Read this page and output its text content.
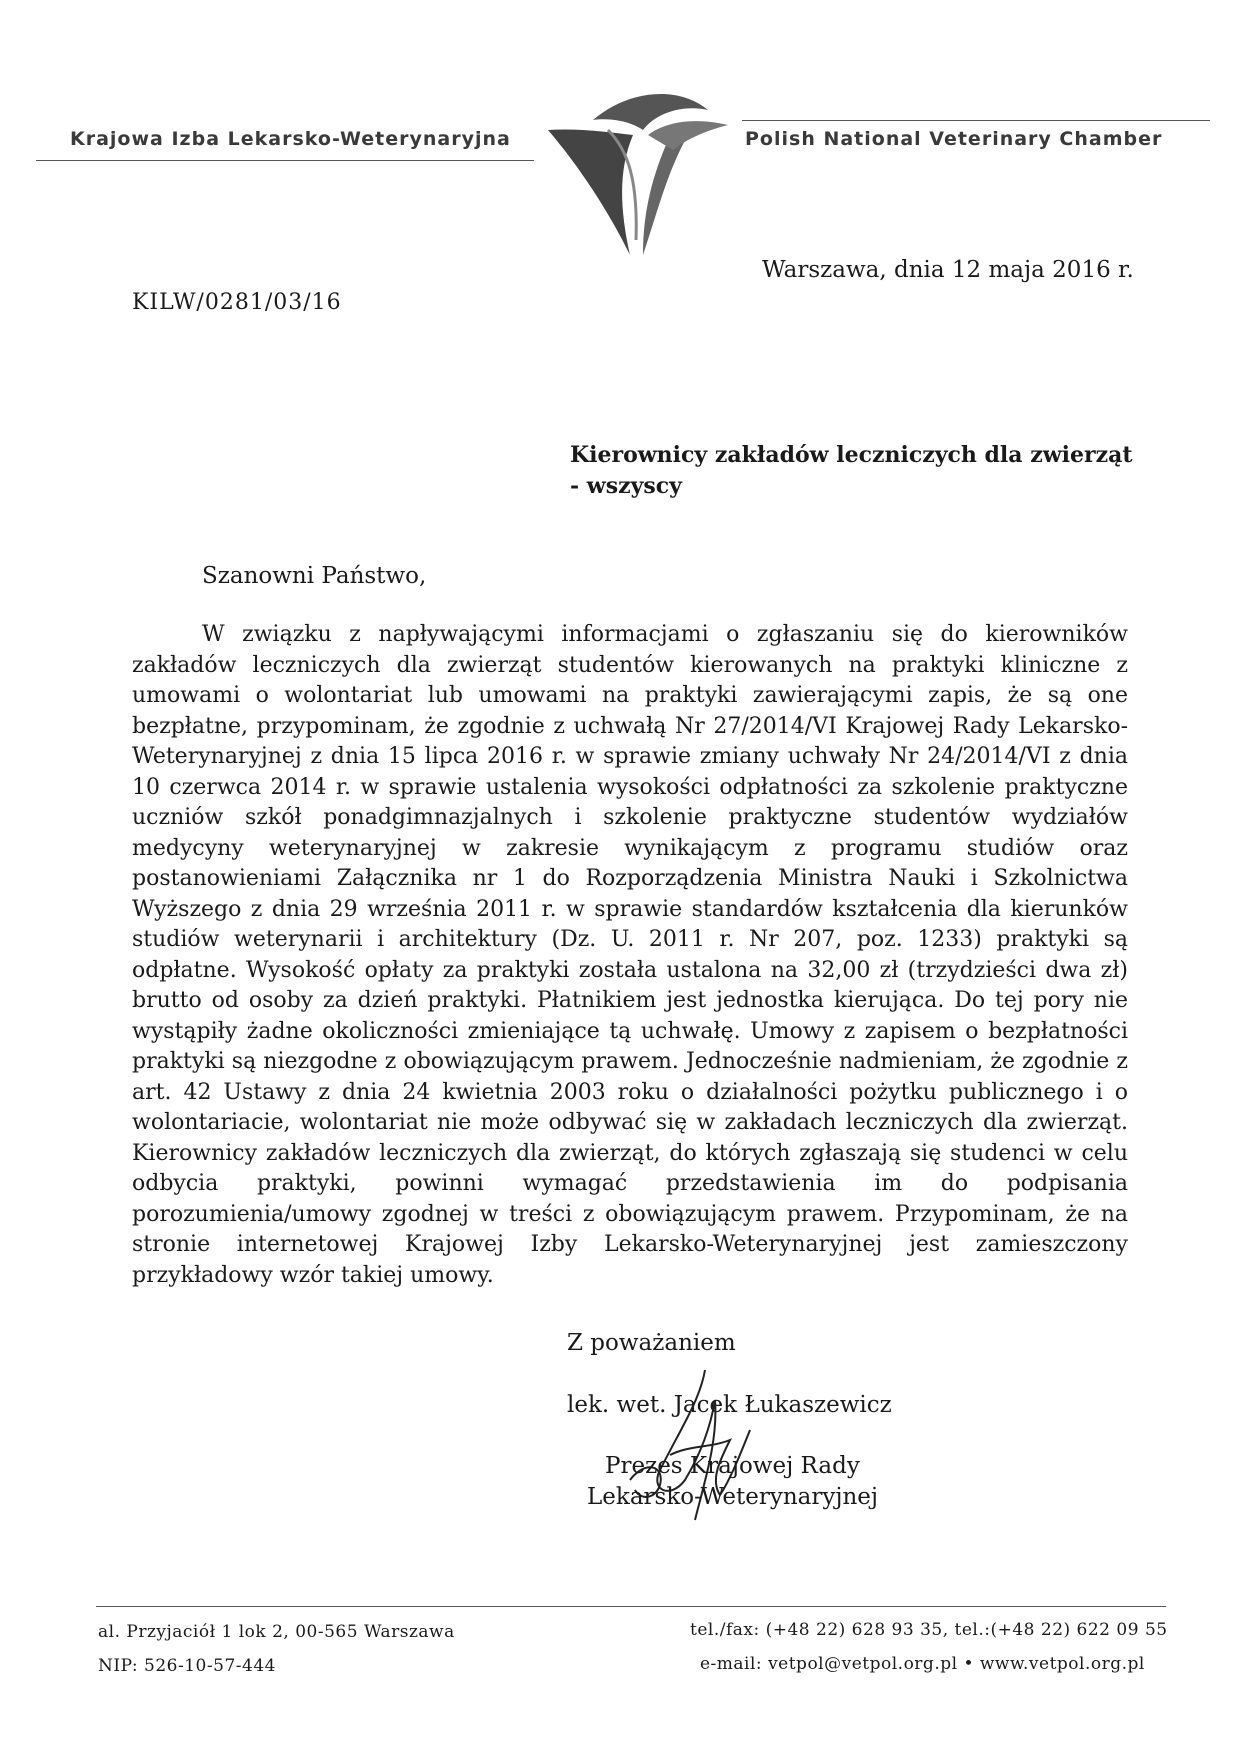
Krajowa Izba Lekarsko-Weterynaryjna	Polish National Veterinary Chamber
Warszawa, dnia 12 maja 2016 r.
KILW/0281/03/16
Kierownicy zakładów leczniczych dla zwierząt
- wszyscy
Szanowni Państwo,
W związku z napływającymi informacjami o zgłaszaniu się do kierowników zakładów leczniczych dla zwierząt studentów kierowanych na praktyki kliniczne z umowami o wolontariat lub umowami na praktyki zawierającymi zapis, że są one bezpłatne, przypominam, że zgodnie z uchwałą Nr 27/2014/VI Krajowej Rady Lekarsko-Weterynaryjnej z dnia 15 lipca 2016 r. w sprawie zmiany uchwały Nr 24/2014/VI z dnia 10 czerwca 2014 r. w sprawie ustalenia wysokości odpłatności za szkolenie praktyczne uczniów szkół ponadgimnazjalnych i szkolenie praktyczne studentów wydziałów medycyny weterynaryjnej w zakresie wynikającym z programu studiów oraz postanowieniami Załącznika nr 1 do Rozporządzenia Ministra Nauki i Szkolnictwa Wyższego z dnia 29 września 2011 r. w sprawie standardów kształcenia dla kierunków studiów weterynarii i architektury (Dz. U. 2011 r. Nr 207, poz. 1233) praktyki są odpłatne. Wysokość opłaty za praktyki została ustalona na 32,00 zł (trzydzieści dwa zł) brutto od osoby za dzień praktyki. Płatnikiem jest jednostka kierująca. Do tej pory nie wystąpiły żadne okoliczności zmieniające tą uchwałę. Umowy z zapisem o bezpłatności praktyki są niezgodne z obowiązującym prawem. Jednocześnie nadmieniam, że zgodnie z art. 42 Ustawy z dnia 24 kwietnia 2003 roku o działalności pożytku publicznego i o wolontariacie, wolontariat nie może odbywać się w zakładach leczniczych dla zwierząt. Kierownicy zakładów leczniczych dla zwierząt, do których zgłaszają się studenci w celu odbycia praktyki, powinni wymagać przedstawienia im do podpisania porozumienia/umowy zgodnej w treści z obowiązującym prawem. Przypominam, że na stronie internetowej Krajowej Izby Lekarsko-Weterynaryjnej jest zamieszczony przykładowy wzór takiej umowy.
Z poważaniem
lek. wet. Jacek Łukaszewicz
Prezes Krajowej Rady
Lekarsko-Weterynaryjnej
al. Przyjaciół 1 lok 2, 00-565 Warszawa
NIP: 526-10-57-444
tel./fax: (+48 22) 628 93 35, tel.:(+48 22) 622 09 55
e-mail: vetpol@vetpol.org.pl • www.vetpol.org.pl
